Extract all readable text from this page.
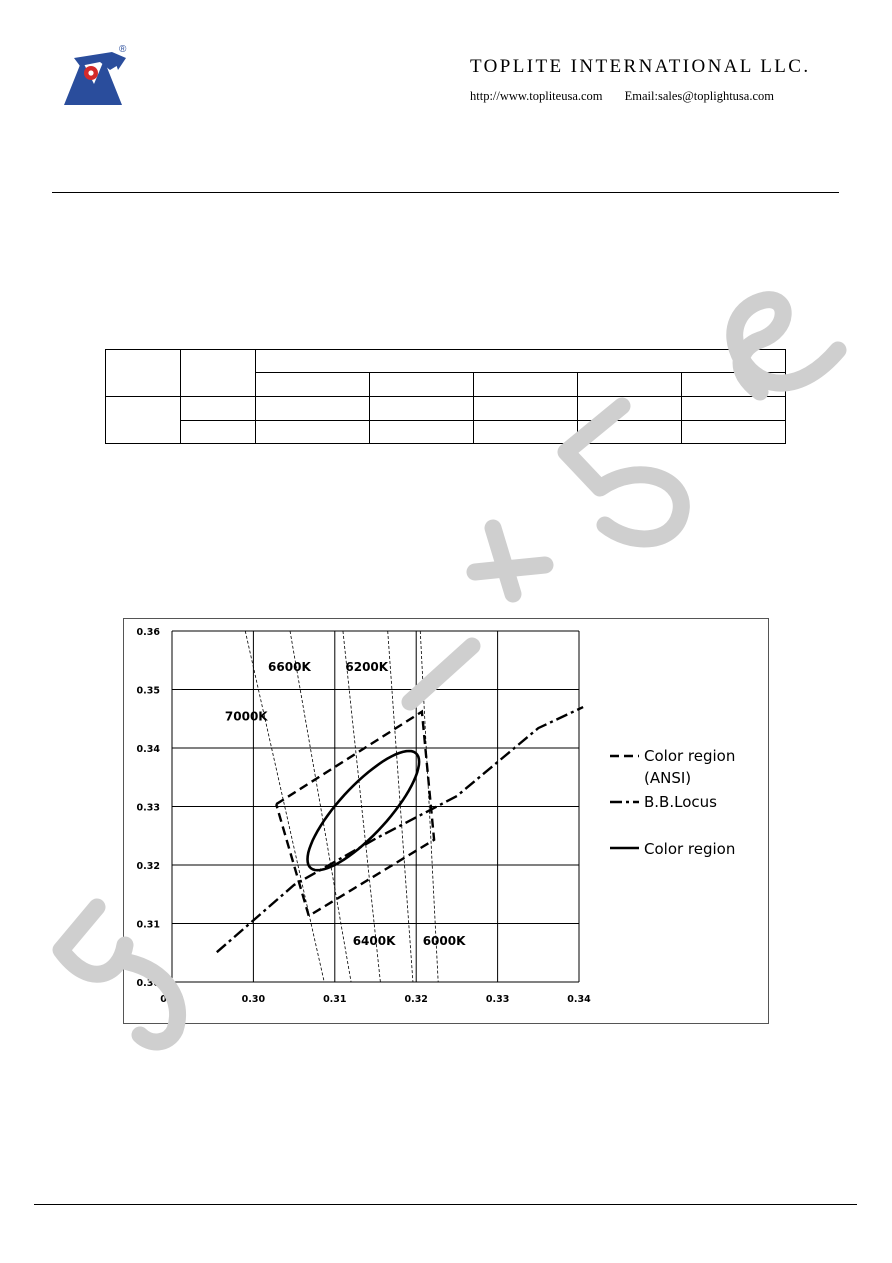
®
TOPLITE INTERNATIONAL LLC.
http://www.topliteusa.com Email:sales@toplightusa.com

0.29	0.30	0.31	0.32	0.33	0.34
0.30
0.31
0.32
0.33
0.34
0.35
0.36
6600K	6200K
7000K
6400K 6000K
Color region
(ANSI)
B.B.Locus
Color region
